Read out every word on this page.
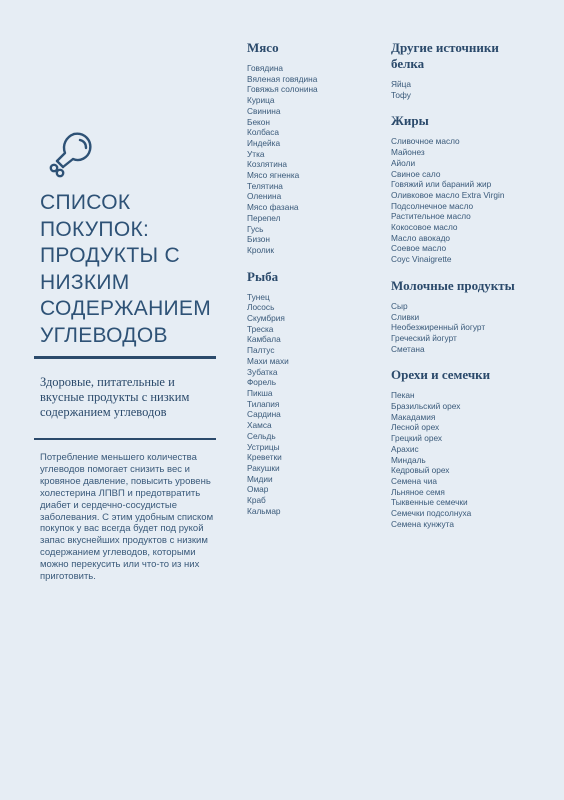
СПИСОК ПОКУПОК: ПРОДУКТЫ С НИЗКИМ СОДЕРЖАНИЕМ УГЛЕВОДОВ
Здоровые, питательные и вкусные продукты с низким содержанием углеводов
Потребление меньшего количества углеводов помогает снизить вес и кровяное давление, повысить уровень холестерина ЛПВП и предотвратить диабет и сердечно-сосудистые заболевания. С этим удобным списком покупок у вас всегда будет под рукой запас вкуснейших продуктов с низким содержанием углеводов, которыми можно перекусить или что-то из них приготовить.
Мясо
Говядина
Вяленая говядина
Говяжья солонина
Курица
Свинина
Бекон
Колбаса
Индейка
Утка
Козлятина
Мясо ягненка
Телятина
Оленина
Мясо фазана
Перепел
Гусь
Бизон
Кролик
Рыба
Тунец
Лосось
Скумбрия
Треска
Камбала
Палтус
Махи махи
Зубатка
Форель
Пикша
Тилапия
Сардина
Хамса
Сельдь
Устрицы
Креветки
Ракушки
Мидии
Омар
Краб
Кальмар
Другие источники белка
Яйца
Тофу
Жиры
Сливочное масло
Майонез
Айоли
Свиное сало
Говяжий или бараний жир
Оливковое масло Extra Virgin
Подсолнечное масло
Растительное масло
Кокосовое масло
Масло авокадо
Соевое масло
Соус Vinaigrette
Молочные продукты
Сыр
Сливки
Необезжиренный йогурт
Греческий йогурт
Сметана
Орехи и семечки
Пекан
Бразильский орех
Макадамия
Лесной орех
Грецкий орех
Арахис
Миндаль
Кедровый орех
Семена чиа
Льняное семя
Тыквенные семечки
Семечки подсолнуха
Семена кунжута
